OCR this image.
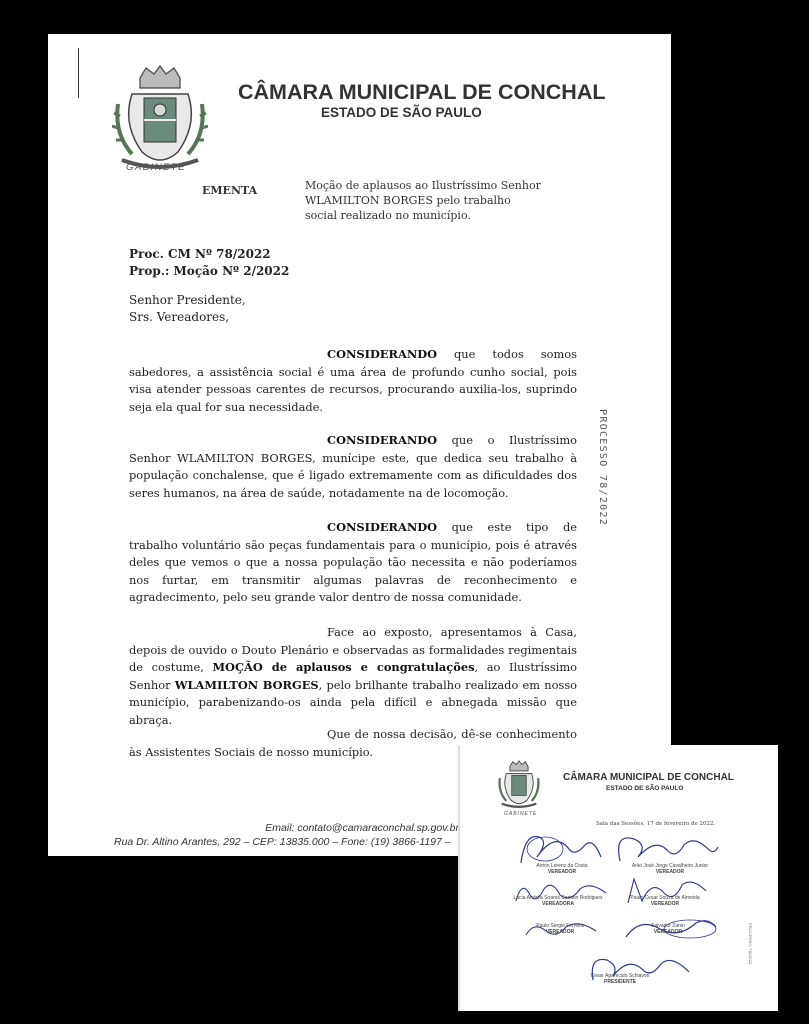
GABINETE
CÂMARA MUNICIPAL DE CONCHAL
ESTADO DE SÃO PAULO
EMENTA	Moção de aplausos ao Ilustríssimo Senhor WLAMILTON BORGES pelo trabalho social realizado no município.
Proc. CM Nº 78/2022
Prop.: Moção Nº 2/2022
Senhor Presidente,
Srs. Vereadores,
CONSIDERANDO que todos somos sabedores, a assistência social é uma área de profundo cunho social, pois visa atender pessoas carentes de recursos, procurando auxilia-los, suprindo seja ela qual for sua necessidade.
CONSIDERANDO que o Ilustríssimo Senhor WLAMILTON BORGES, munícipe este, que dedica seu trabalho à população conchalense, que é ligado extremamente com as dificuldades dos seres humanos, na área de saúde, notadamente na de locomoção.
CONSIDERANDO que este tipo de trabalho voluntário são peças fundamentais para o município, pois é através deles que vemos o que a nossa população tão necessita e não poderíamos nos furtar, em transmitir algumas palavras de reconhecimento e agradecimento, pelo seu grande valor dentro de nossa comunidade.
Face ao exposto, apresentamos à Casa, depois de ouvido o Douto Plenário e observadas as formalidades regimentais de costume, MOÇÃO de aplausos e congratulações, ao Ilustríssimo Senhor WLAMILTON BORGES, pelo brilhante trabalho realizado em nosso município, parabenizando-os ainda pela difícil e abnegada missão que abraça.
Que de nossa decisão, dê-se conhecimento às Assistentes Sociais de nosso município.
PROCESSO 78/2022
Email: contato@camaraconchal.sp.gov.br
Rua Dr. Altino Arantes, 292 – CEP: 13835.000 – Fone: (19) 3866-1197 –
CÂMARA MUNICIPAL DE CONCHAL
ESTADO DE SÃO PAULO
GABINETE
Sala das Sessões, 17 de fevereiro de 2022.
Airton Lorenz da Costa
VEREADOR
Arlei José Jorge Cavalheiro Junior
VEREADOR
Lúcia Andréa Soares Bortolin Rodrigues
VEREADORA
Paulo Cesar Souza de Almeida
VEREADOR
Paulo Sergio Ferreira
VEREADOR
Salvador Zanin
VEREADOR
Cesar Aparecido Schiavon
PRESIDENTE
PROCESSO 78/2022
